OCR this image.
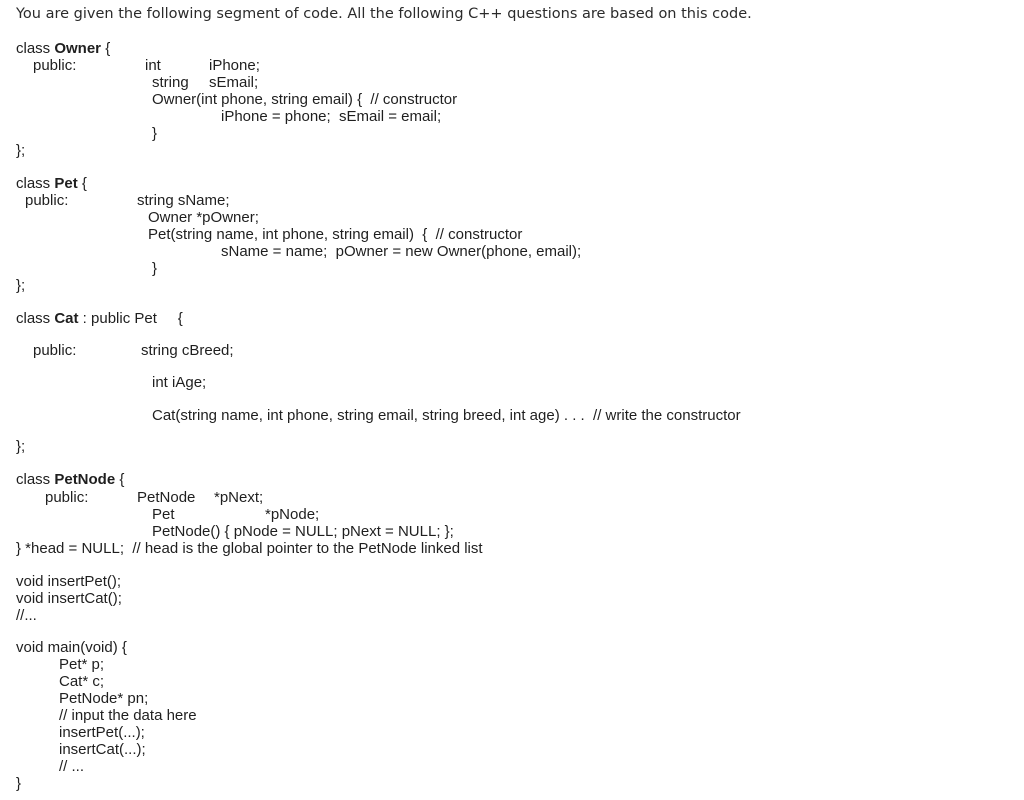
You are given the following segment of code. All the following C++ questions are based on this code.
class Owner {
public:	int	iPhone;
string sEmail;
Owner(int phone, string email) {  // constructor
iPhone = phone;  sEmail = email;
}
};
class Pet {
public:	string sName;
Owner *pOwner;
Pet(string name, int phone, string email)  {  // constructor
sName = name;  pOwner = new Owner(phone, email);
}
};
class Cat : public Pet     {
public:	string cBreed;
int iAge;
Cat(string name, int phone, string email, string breed, int age) . . .  // write the constructor
};
class PetNode {
public:	PetNode *pNext;
Pet	*pNode;
PetNode() { pNode = NULL; pNext = NULL; };
} *head = NULL;  // head is the global pointer to the PetNode linked list
void insertPet();
void insertCat();
//...
void main(void) {
Pet* p;
Cat* c;
PetNode* pn;
// input the data here
insertPet(...);
insertCat(...);
// ...
}
